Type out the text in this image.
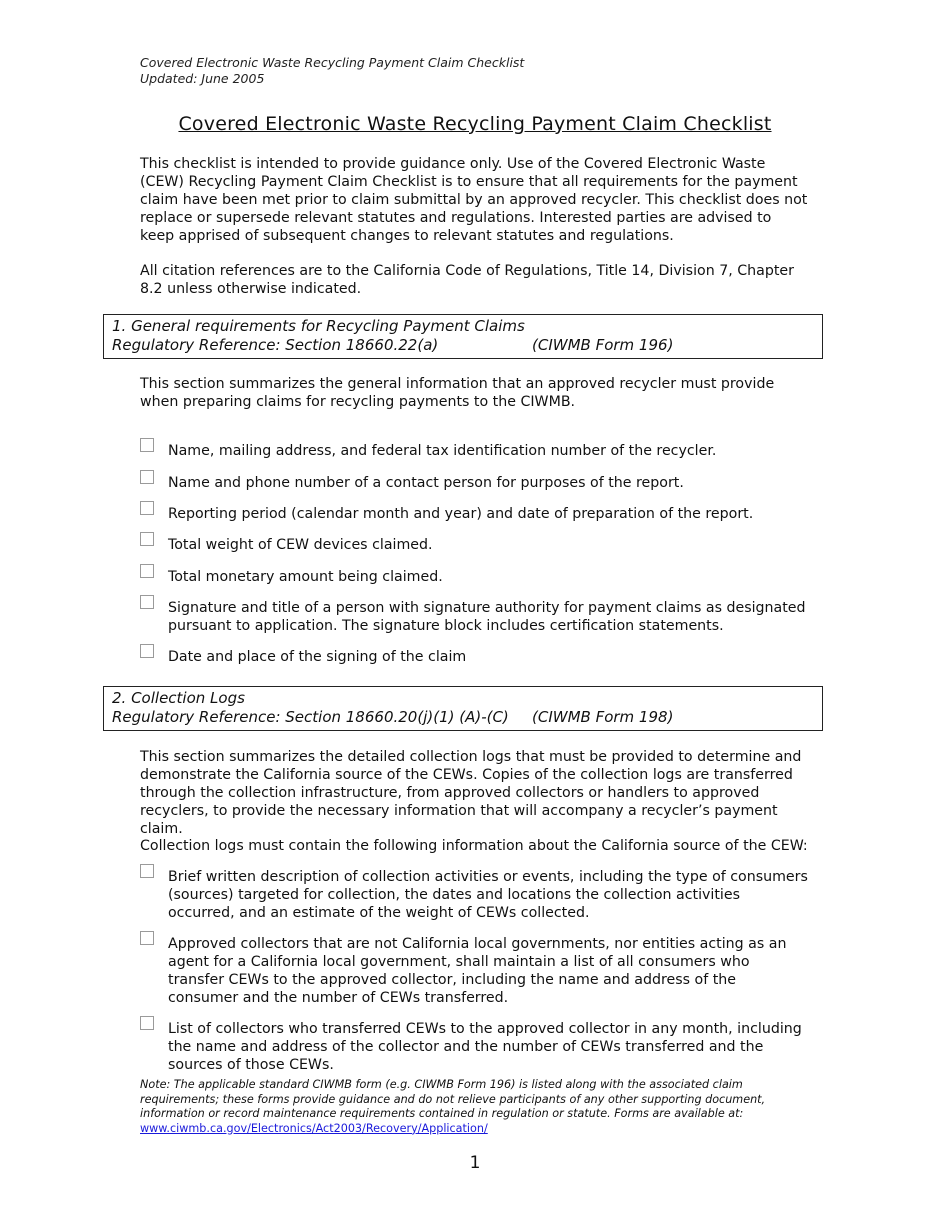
Covered Electronic Waste Recycling Payment Claim Checklist
Updated: June 2005
Covered Electronic Waste Recycling Payment Claim Checklist
This checklist is intended to provide guidance only. Use of the Covered Electronic Waste (CEW) Recycling Payment Claim Checklist is to ensure that all requirements for the payment claim have been met prior to claim submittal by an approved recycler. This checklist does not replace or supersede relevant statutes and regulations. Interested parties are advised to keep apprised of subsequent changes to relevant statutes and regulations.
All citation references are to the California Code of Regulations, Title 14, Division 7, Chapter 8.2 unless otherwise indicated.
1. General requirements for Recycling Payment Claims
Regulatory Reference: Section 18660.22(a)	(CIWMB Form 196)
This section summarizes the general information that an approved recycler must provide when preparing claims for recycling payments to the CIWMB.
Name, mailing address, and federal tax identification number of the recycler.
Name and phone number of a contact person for purposes of the report.
Reporting period (calendar month and year) and date of preparation of the report.
Total weight of CEW devices claimed.
Total monetary amount being claimed.
Signature and title of a person with signature authority for payment claims as designated pursuant to application. The signature block includes certification statements.
Date and place of the signing of the claim
2. Collection Logs
Regulatory Reference: Section 18660.20(j)(1) (A)-(C)	(CIWMB Form 198)
This section summarizes the detailed collection logs that must be provided to determine and demonstrate the California source of the CEWs. Copies of the collection logs are transferred through the collection infrastructure, from approved collectors or handlers to approved recyclers, to provide the necessary information that will accompany a recycler’s payment claim.
Collection logs must contain the following information about the California source of the CEW:
Brief written description of collection activities or events, including the type of consumers (sources) targeted for collection, the dates and locations the collection activities occurred, and an estimate of the weight of CEWs collected.
Approved collectors that are not California local governments, nor entities acting as an agent for a California local government, shall maintain a list of all consumers who transfer CEWs to the approved collector, including the name and address of the consumer and the number of CEWs transferred.
List of collectors who transferred CEWs to the approved collector in any month, including the name and address of the collector and the number of CEWs transferred and the sources of those CEWs.
Note: The applicable standard CIWMB form (e.g. CIWMB Form 196) is listed along with the associated claim requirements; these forms provide guidance and do not relieve participants of any other supporting document, information or record maintenance requirements contained in regulation or statute. Forms are available at:
www.ciwmb.ca.gov/Electronics/Act2003/Recovery/Application/
1
